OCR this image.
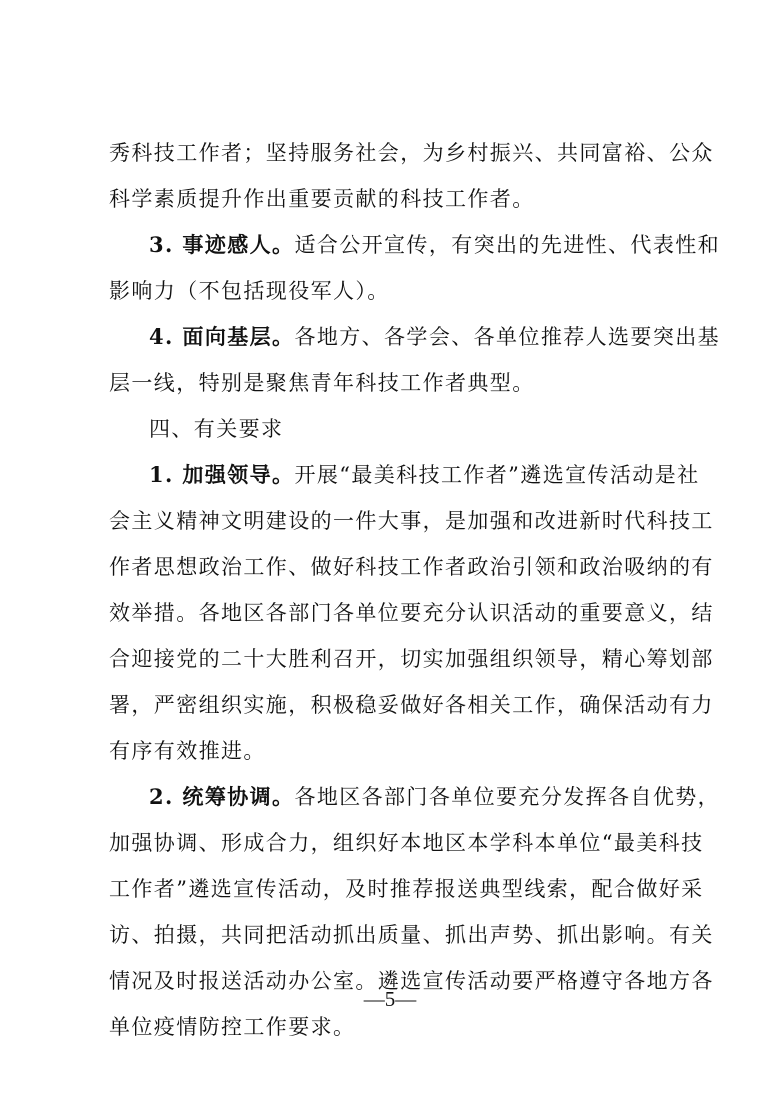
秀科技工作者；坚持服务社会，为乡村振兴、共同富裕、公众
科学素质提升作出重要贡献的科技工作者。
3. 事迹感人。适合公开宣传，有突出的先进性、代表性和
影响力（不包括现役军人）。
4. 面向基层。各地方、各学会、各单位推荐人选要突出基
层一线，特别是聚焦青年科技工作者典型。
四、有关要求
1. 加强领导。开展“最美科技工作者”遴选宣传活动是社
会主义精神文明建设的一件大事，是加强和改进新时代科技工
作者思想政治工作、做好科技工作者政治引领和政治吸纳的有
效举措。各地区各部门各单位要充分认识活动的重要意义，结
合迎接党的二十大胜利召开，切实加强组织领导，精心筹划部
署，严密组织实施，积极稳妥做好各相关工作，确保活动有力
有序有效推进。
2. 统筹协调。各地区各部门各单位要充分发挥各自优势，
加强协调、形成合力，组织好本地区本学科本单位“最美科技
工作者”遴选宣传活动，及时推荐报送典型线索，配合做好采
访、拍摄，共同把活动抓出质量、抓出声势、抓出影响。有关
—5—
情况及时报送活动办公室。遴选宣传活动要严格遵守各地方各
单位疫情防控工作要求。
